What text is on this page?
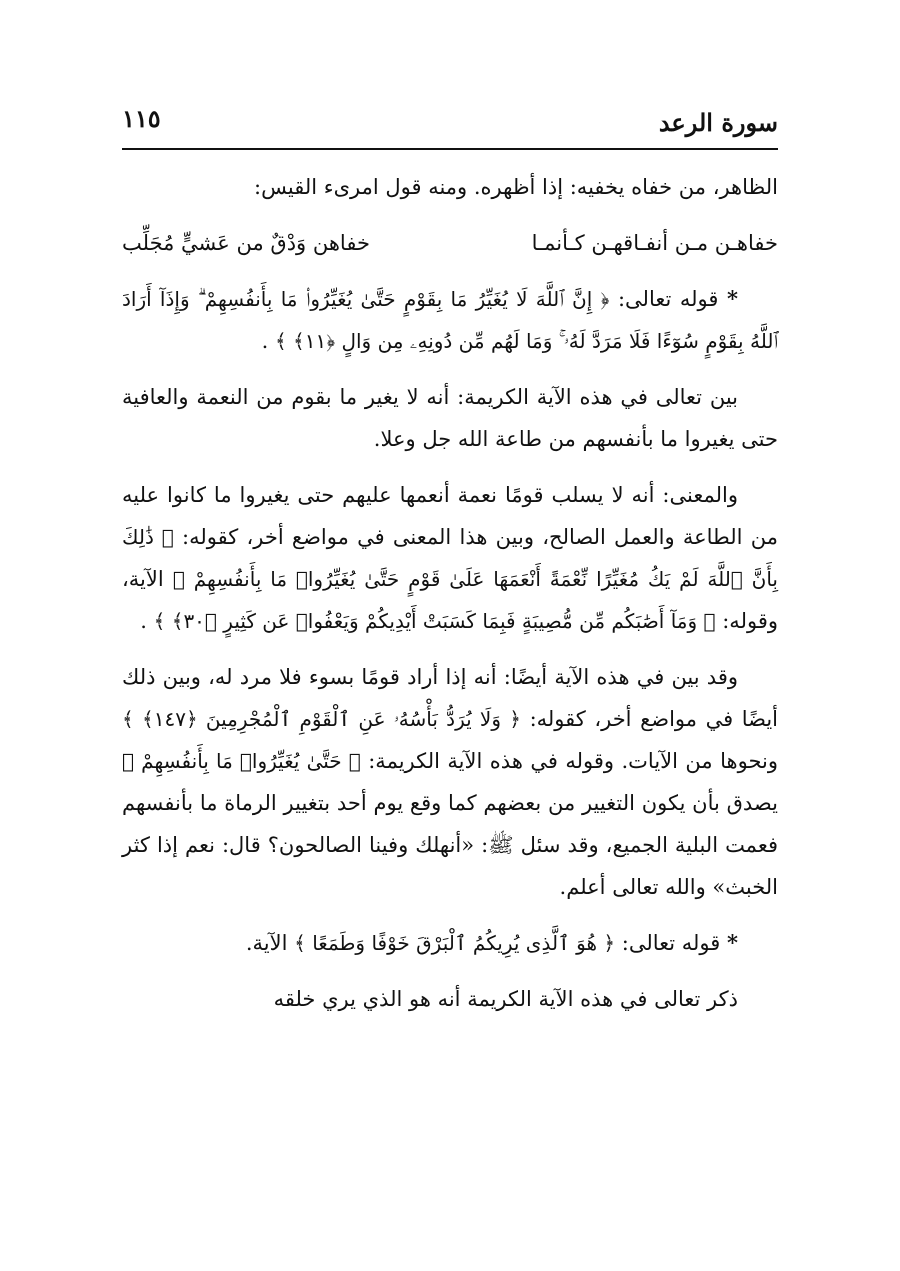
سورة الرعد
١١٥

الظاهر، من خفاه يخفيه: إذا أظهره. ومنه قول امرىء القيس:

خفاهـن مـن أنفـاقهـن كـأنمـا
خفاهن وَدْقٌ من عَشيٍّ مُجَلِّب

* قوله تعالى: ﴿ إِنَّ ٱللَّهَ لَا يُغَيِّرُ مَا بِقَوْمٍ حَتَّىٰ يُغَيِّرُوا۟ مَا بِأَنفُسِهِمْ ۗ وَإِذَآ أَرَادَ ٱللَّهُ بِقَوْمٍ سُوٓءًا فَلَا مَرَدَّ لَهُۥ ۚ وَمَا لَهُم مِّن دُونِهِۦ مِن وَالٍ ﴿١١﴾ ﴾ .

بين تعالى في هذه الآية الكريمة: أنه لا يغير ما بقوم من النعمة والعافية حتى يغيروا ما بأنفسهم من طاعة الله جل وعلا.

والمعنى: أنه لا يسلب قومًا نعمة أنعمها عليهم حتى يغيروا ما كانوا عليه من الطاعة والعمل الصالح، وبين هذا المعنى في مواضع أخر، كقوله: ﴿ ذَٰلِكَ بِأَنَّ ٱللَّهَ لَمْ يَكُ مُغَيِّرًا نِّعْمَةً أَنْعَمَهَا عَلَىٰ قَوْمٍ حَتَّىٰ يُغَيِّرُوا۟ مَا بِأَنفُسِهِمْ ﴾ الآية، وقوله: ﴿ وَمَآ أَصَٰبَكُم مِّن مُّصِيبَةٍ فَبِمَا كَسَبَتْ أَيْدِيكُمْ وَيَعْفُوا۟ عَن كَثِيرٍ ﴿٣٠﴾ ﴾ .

وقد بين في هذه الآية أيضًا: أنه إذا أراد قومًا بسوء فلا مرد له، وبين ذلك أيضًا في مواضع أخر، كقوله: ﴿ وَلَا يُرَدُّ بَأْسُهُۥ عَنِ ٱلْقَوْمِ ٱلْمُجْرِمِينَ ﴿١٤٧﴾ ﴾ ونحوها من الآيات. وقوله في هذه الآية الكريمة: ﴿ حَتَّىٰ يُغَيِّرُوا۟ مَا بِأَنفُسِهِمْ ﴾ يصدق بأن يكون التغيير من بعضهم كما وقع يوم أحد بتغيير الرماة ما بأنفسهم فعمت البلية الجميع، وقد سئل ﷺ: «أنهلك وفينا الصالحون؟ قال: نعم إذا كثر الخبث» والله تعالى أعلم.

* قوله تعالى: ﴿ هُوَ ٱلَّذِى يُرِيكُمُ ٱلْبَرْقَ خَوْفًا وَطَمَعًا ﴾ الآية.

ذكر تعالى في هذه الآية الكريمة أنه هو الذي يري خلقه
